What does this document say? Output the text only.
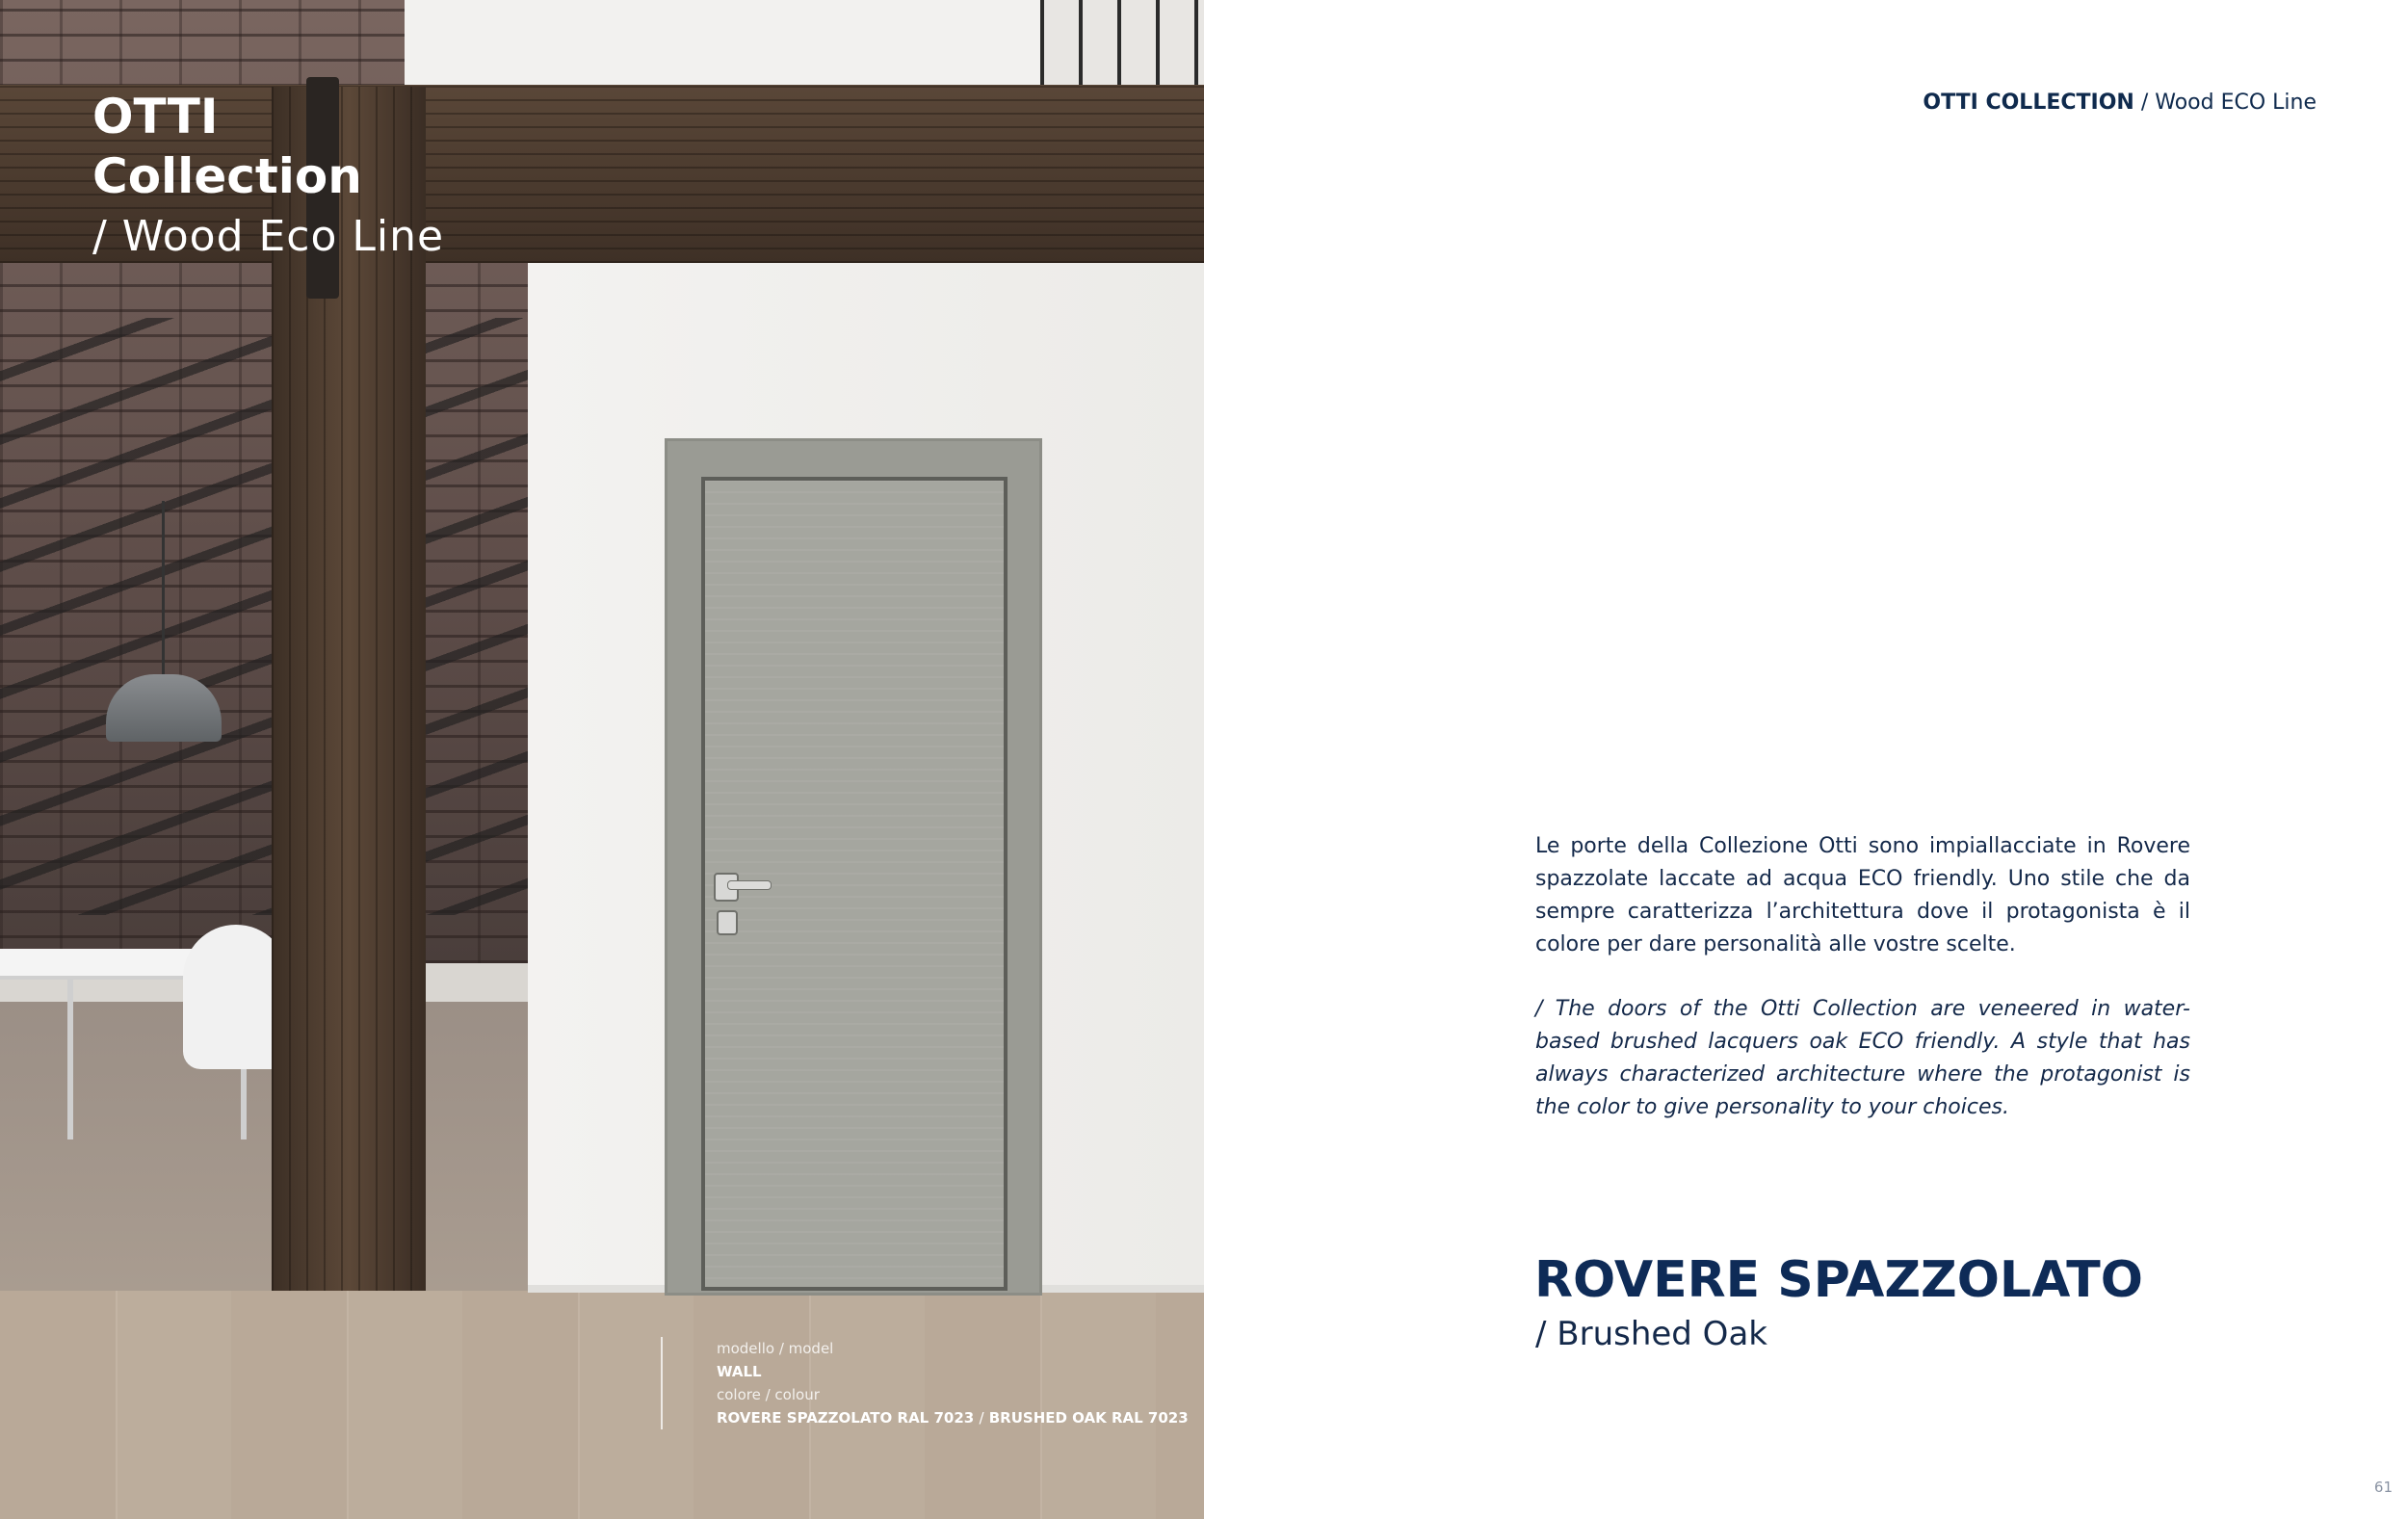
OTTI
Collection
/ Wood Eco Line
modello / model
WALL
colore / colour
ROVERE SPAZZOLATO RAL 7023 / BRUSHED OAK RAL 7023
OTTI COLLECTION / Wood ECO Line

Le porte della Collezione Otti sono impiallacciate in Rovere spazzolate laccate ad acqua ECO friendly. Uno stile che da sempre caratterizza l’architettura dove il protagonista è il colore per dare personalità alle vostre scelte.

/ The doors of the Otti Collection are veneered in water-based brushed lacquers oak ECO friendly. A style that has always characterized architecture where the protagonist is the color to give personality to your choices.

ROVERE SPAZZOLATO
/ Brushed Oak
61
